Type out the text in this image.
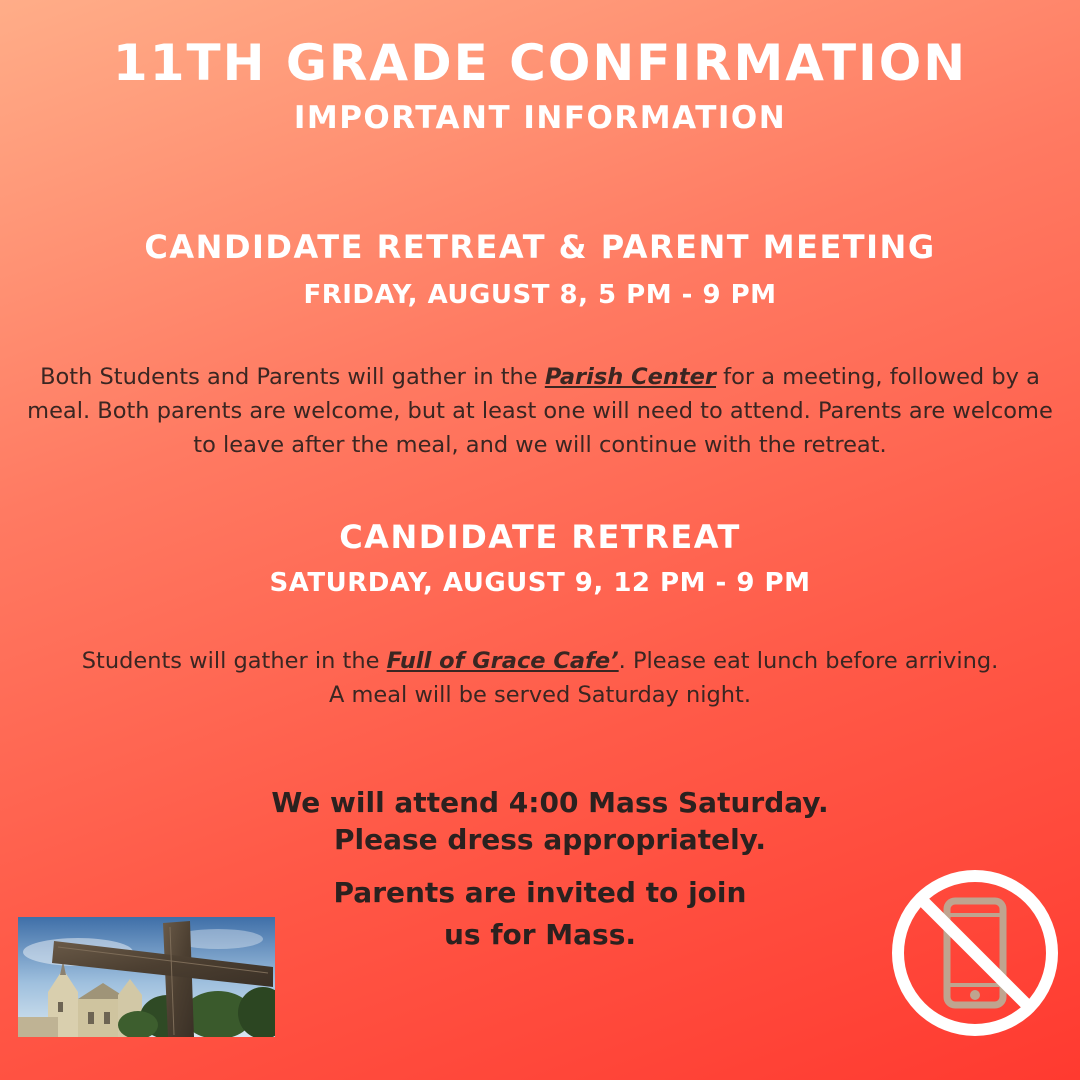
11TH GRADE CONFIRMATION
IMPORTANT INFORMATION
CANDIDATE RETREAT & PARENT MEETING
FRIDAY, AUGUST 8, 5 PM - 9 PM

Both Students and Parents will gather in the Parish Center for a meeting, followed by a meal. Both parents are welcome, but at least one will need to attend. Parents are welcome to leave after the meal, and we will continue with the retreat.

CANDIDATE RETREAT
SATURDAY, AUGUST 9, 12 PM - 9 PM

Students will gather in the Full of Grace Cafe’. Please eat lunch before arriving.
A meal will be served Saturday night.

We will attend 4:00 Mass Saturday.
Please dress appropriately.
Parents are invited to join
us for Mass.
